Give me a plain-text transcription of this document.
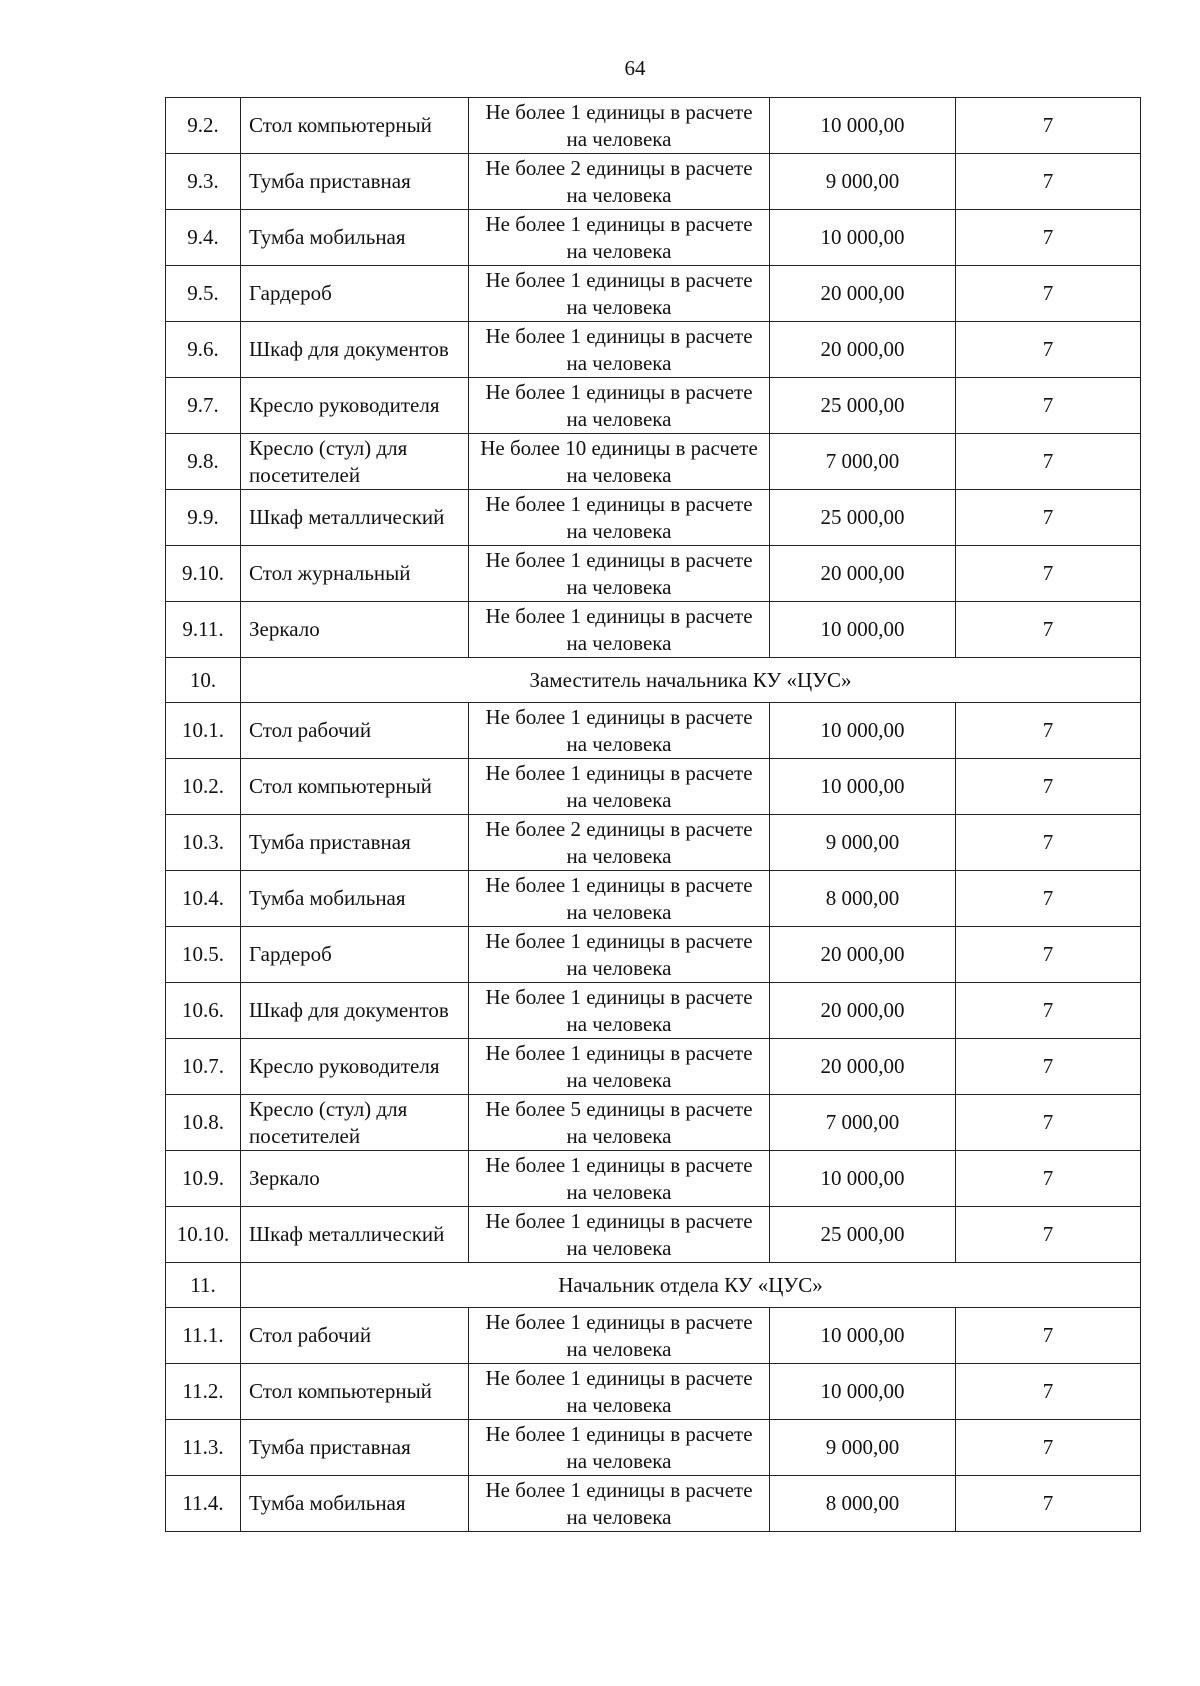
64
9.2.	Стол компьютерный	Не более 1 единицы в расчете на человека	10 000,00	7
9.3.	Тумба приставная	Не более 2 единицы в расчете на человека	9 000,00	7
9.4.	Тумба мобильная	Не более 1 единицы в расчете на человека	10 000,00	7
9.5.	Гардероб	Не более 1 единицы в расчете на человека	20 000,00	7
9.6.	Шкаф для документов	Не более 1 единицы в расчете на человека	20 000,00	7
9.7.	Кресло руководителя	Не более 1 единицы в расчете на человека	25 000,00	7
9.8.	Кресло (стул) для посетителей	Не более 10 единицы в расчете на человека	7 000,00	7
9.9.	Шкаф металлический	Не более 1 единицы в расчете на человека	25 000,00	7
9.10.	Стол журнальный	Не более 1 единицы в расчете на человека	20 000,00	7
9.11.	Зеркало	Не более 1 единицы в расчете на человека	10 000,00	7
10.	Заместитель начальника КУ «ЦУС»			
10.1.	Стол рабочий	Не более 1 единицы в расчете на человека	10 000,00	7
10.2.	Стол компьютерный	Не более 1 единицы в расчете на человека	10 000,00	7
10.3.	Тумба приставная	Не более 2 единицы в расчете на человека	9 000,00	7
10.4.	Тумба мобильная	Не более 1 единицы в расчете на человека	8 000,00	7
10.5.	Гардероб	Не более 1 единицы в расчете на человека	20 000,00	7
10.6.	Шкаф для документов	Не более 1 единицы в расчете на человека	20 000,00	7
10.7.	Кресло руководителя	Не более 1 единицы в расчете на человека	20 000,00	7
10.8.	Кресло (стул) для посетителей	Не более 5 единицы в расчете на человека	7 000,00	7
10.9.	Зеркало	Не более 1 единицы в расчете на человека	10 000,00	7
10.10.	Шкаф металлический	Не более 1 единицы в расчете на человека	25 000,00	7
11.	Начальник отдела КУ «ЦУС»			
11.1.	Стол рабочий	Не более 1 единицы в расчете на человека	10 000,00	7
11.2.	Стол компьютерный	Не более 1 единицы в расчете на человека	10 000,00	7
11.3.	Тумба приставная	Не более 1 единицы в расчете на человека	9 000,00	7
11.4.	Тумба мобильная	Не более 1 единицы в расчете на человека	8 000,00	7
